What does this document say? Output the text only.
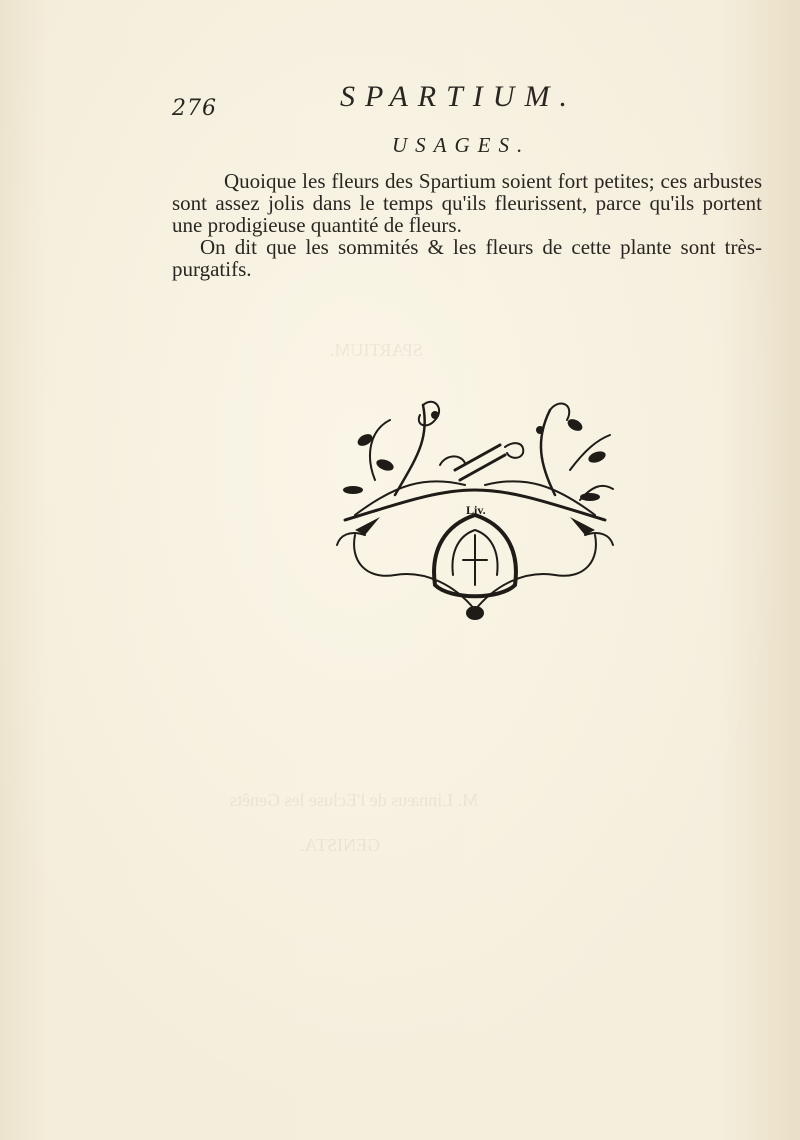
SPARTIUM.
M. Linnæus de l'Ecluse les Genêts
GENISTA.
276	SPARTIUM.
USAGES.

Quoique les fleurs des Spartium soient fort petites; ces arbustes sont assez jolis dans le temps qu'ils fleurissent, parce qu'ils portent une prodigieuse quantité de fleurs.

On dit que les sommités & les fleurs de cette plante sont très-purgatifs.

Liv.
